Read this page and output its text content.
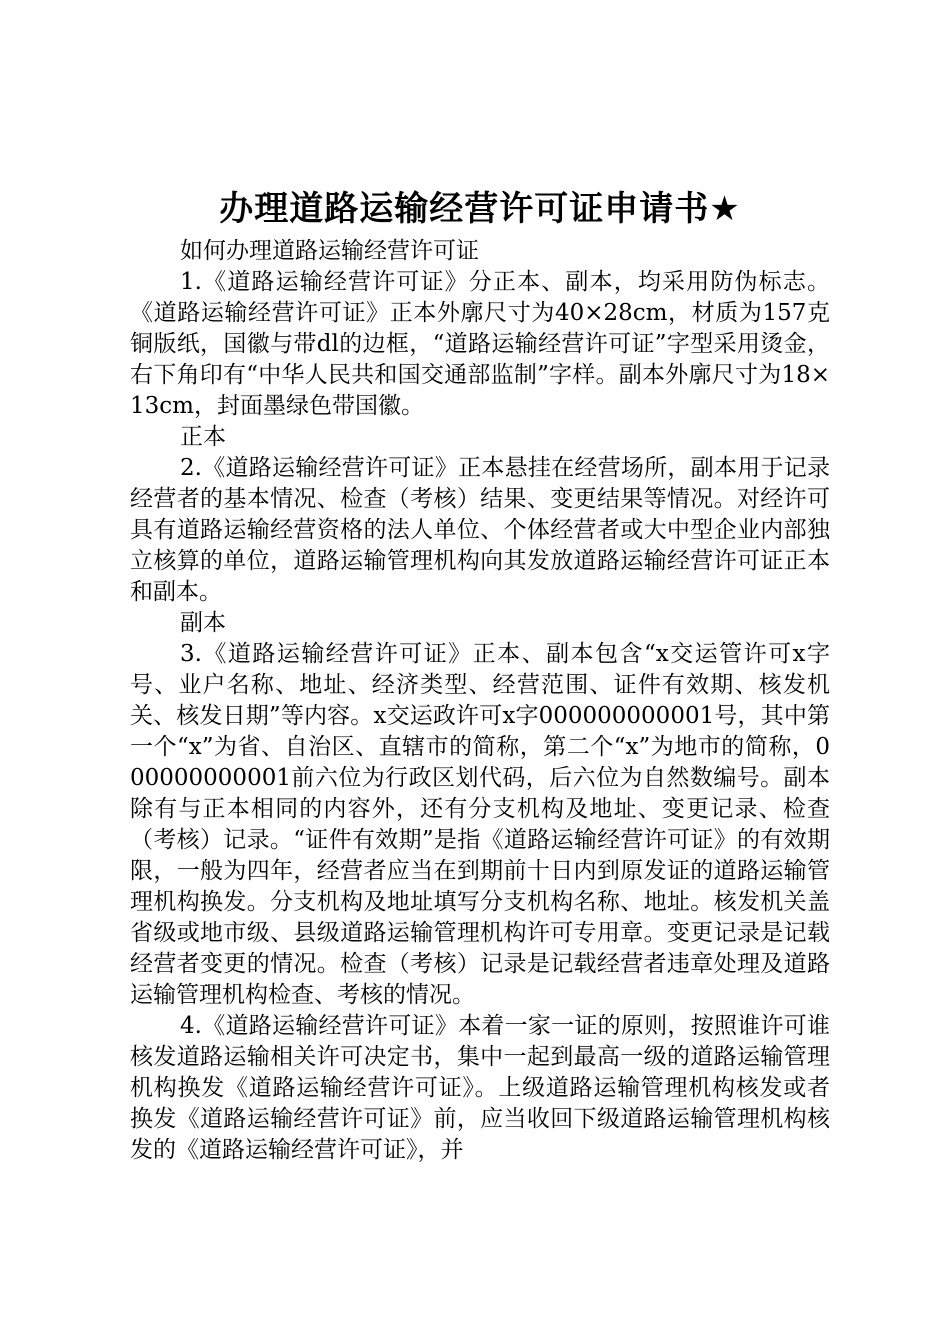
办理道路运输经营许可证申请书★

如何办理道路运输经营许可证

1.《道路运输经营许可证》分正本、副本，均采用防伪标志。《道路运输经营许可证》正本外廓尺寸为40×28cm，材质为157克铜版纸，国徽与带dl的边框，“道路运输经营许可证”字型采用烫金，右下角印有“中华人民共和国交通部监制”字样。副本外廓尺寸为18×13cm，封面墨绿色带国徽。

正本

2.《道路运输经营许可证》正本悬挂在经营场所，副本用于记录经营者的基本情况、检查（考核）结果、变更结果等情况。对经许可具有道路运输经营资格的法人单位、个体经营者或大中型企业内部独立核算的单位，道路运输管理机构向其发放道路运输经营许可证正本和副本。

副本

3.《道路运输经营许可证》正本、副本包含“x交运管许可x字号、业户名称、地址、经济类型、经营范围、证件有效期、核发机关、核发日期”等内容。x交运政许可x字000000000001号，其中第一个“x”为省、自治区、直辖市的简称，第二个“x”为地市的简称，000000000001前六位为行政区划代码，后六位为自然数编号。副本除有与正本相同的内容外，还有分支机构及地址、变更记录、检查（考核）记录。“证件有效期”是指《道路运输经营许可证》的有效期限，一般为四年，经营者应当在到期前十日内到原发证的道路运输管理机构换发。分支机构及地址填写分支机构名称、地址。核发机关盖省级或地市级、县级道路运输管理机构许可专用章。变更记录是记载经营者变更的情况。检查（考核）记录是记载经营者违章处理及道路运输管理机构检查、考核的情况。

4.《道路运输经营许可证》本着一家一证的原则，按照谁许可谁核发道路运输相关许可决定书，集中一起到最高一级的道路运输管理机构换发《道路运输经营许可证》。上级道路运输管理机构核发或者换发《道路运输经营许可证》前，应当收回下级道路运输管理机构核发的《道路运输经营许可证》，并
